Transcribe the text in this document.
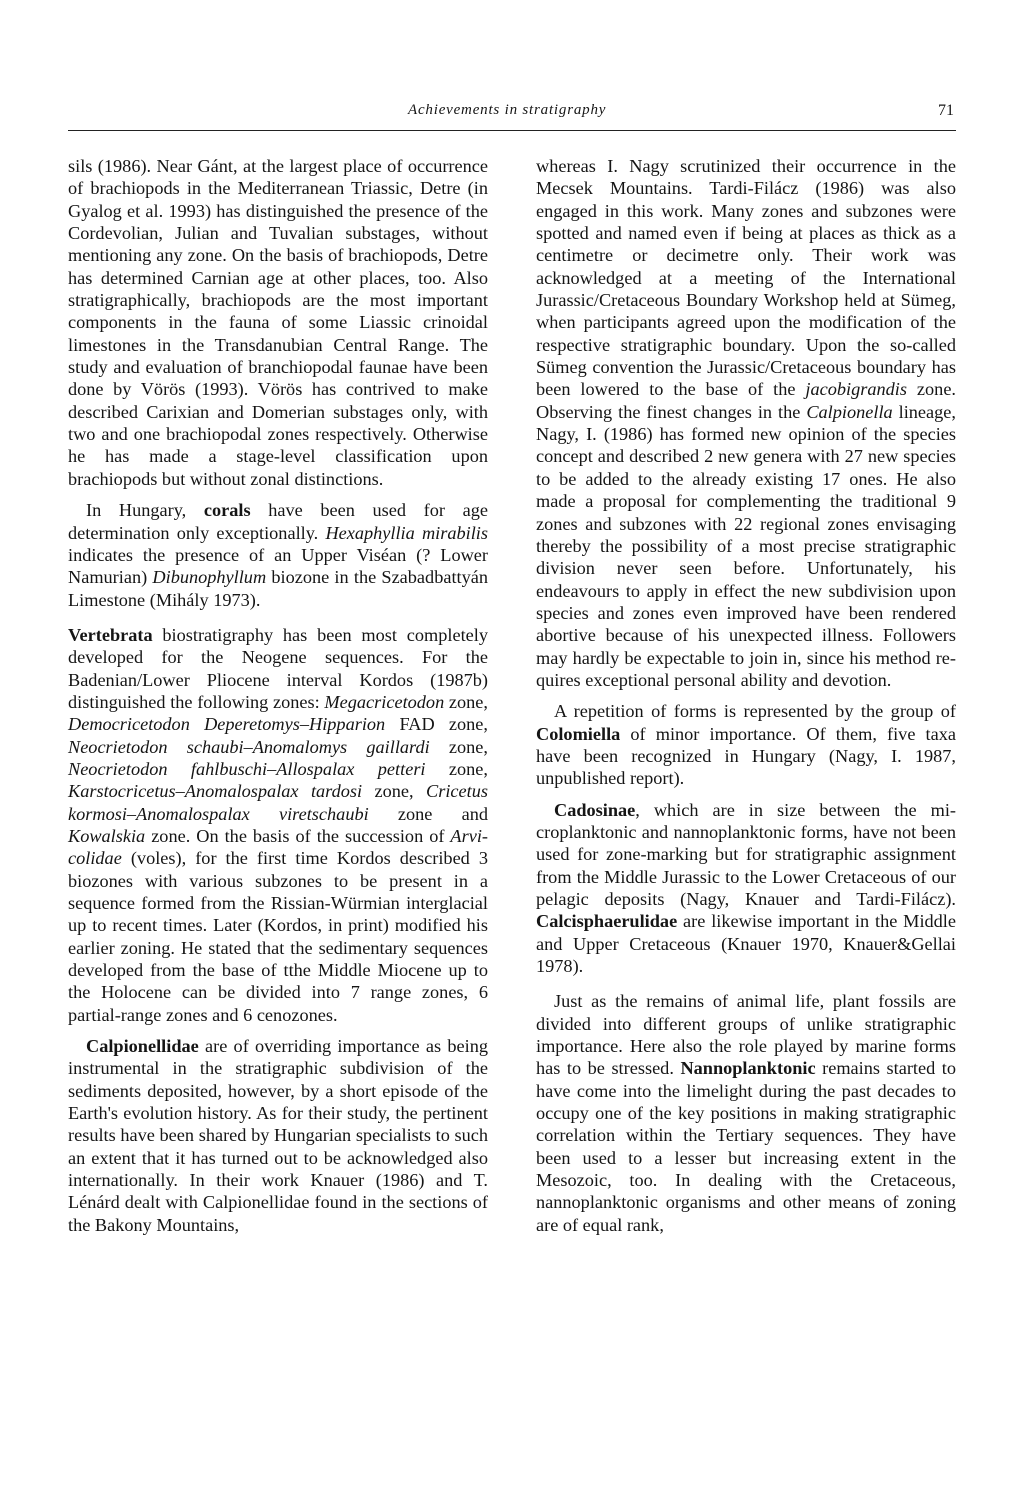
Achievements in stratigraphy	71

sils (1986). Near Gánt, at the largest place of occurrence of brachiopods in the Mediterranean Triassic, Detre (in Gyalog et al. 1993) has distinguished the presence of the Cordevolian, Julian and Tuvalian substages, without mentioning any zone. On the basis of brachiopods, Detre has determined Carnian age at other places, too. Also stratigraphically, brachiopods are the most important components in the fauna of some Liassic crinoidal limestones in the Transdanubian Central Range. The study and evaluation of branchiopodal faunae have been done by Vörös (1993). Vörös has contrived to make described Carixian and Domerian substages only, with two and one brachiopodal zones respectively. Otherwise he has made a stage-level classification upon brachiopods but without zonal distinctions.

In Hungary, corals have been used for age determination only exceptionally. Hexaphyllia mirabilis indicates the presence of an Upper Viséan (? Lower Namurian) Dibunophyllum biozone in the Szabadbattyán Limestone (Mihály 1973).

Vertebrata biostratigraphy has been most completely developed for the Neogene sequences. For the Badenian/Lower Pliocene interval Kordos (1987b) distinguished the following zones: Megacricetodon zone, Democricetodon Deperetomys–Hipparion FAD zone, Neocrietodon schaubi–Anomalomys gaillardi zone, Neocrietodon fahlbuschi–Allospalax petteri zone, Karstocricetus–Anomalospalax tardosi zone, Cricetus kormosi–Anomalospalax viretschaubi zone and Kowalskia zone. On the basis of the succession of Arvicolidae (voles), for the first time Kordos described 3 biozones with various subzones to be present in a sequence formed from the Rissian-Würmian interglacial up to recent times. Later (Kordos, in print) modified his earlier zoning. He stated that the sedimentary sequences developed from the base of tthe Middle Miocene up to the Holocene can be divided into 7 range zones, 6 partial-range zones and 6 cenozones.

Calpionellidae are of overriding importance as being instrumental in the stratigraphic subdivision of the sediments deposited, however, by a short episode of the Earth's evolution history. As for their study, the pertinent results have been shared by Hungarian specialists to such an extent that it has turned out to be acknowledged also internationally. In their work Knauer (1986) and T. Lénárd dealt with Calpionellidae found in the sections of the Bakony Mountains,

whereas I. Nagy scrutinized their occurrence in the Mecsek Mountains. Tardi-Filácz (1986) was also engaged in this work. Many zones and subzones were spotted and named even if being at places as thick as a centimetre or decimetre only. Their work was acknowledged at a meeting of the International Jurassic/Cretaceous Boundary Workshop held at Sümeg, when participants agreed upon the modification of the respective stratigraphic boundary. Upon the so-called Sümeg convention the Jurassic/Cretaceous boundary has been lowered to the base of the jacobigrandis zone. Observing the finest changes in the Calpionella lineage, Nagy, I. (1986) has formed new opinion of the species concept and described 2 new genera with 27 new species to be added to the already existing 17 ones. He also made a proposal for complementing the traditional 9 zones and subzones with 22 regional zones envisaging thereby the possibility of a most precise stratigraphic division never seen before. Unfortunately, his endeavours to apply in effect the new subdivision upon species and zones even improved have been rendered abortive because of his unexpected illness. Followers may hardly be expectable to join in, since his method requires exceptional personal ability and devotion.

A repetition of forms is represented by the group of Colomiella of minor importance. Of them, five taxa have been recognized in Hungary (Nagy, I. 1987, unpublished report).

Cadosinae, which are in size between the microplanktonic and nannoplanktonic forms, have not been used for zone-marking but for stratigraphic assignment from the Middle Jurassic to the Lower Cretaceous of our pelagic deposits (Nagy, Knauer and Tardi-Filácz). Calcisphaerulidae are likewise important in the Middle and Upper Cretaceous (Knauer 1970, Knauer&Gellai 1978).

Just as the remains of animal life, plant fossils are divided into different groups of unlike stratigraphic importance. Here also the role played by marine forms has to be stressed. Nannoplanktonic remains started to have come into the limelight during the past decades to occupy one of the key positions in making stratigraphic correlation within the Tertiary sequences. They have been used to a lesser but increasing extent in the Mesozoic, too. In dealing with the Cretaceous, nannoplanktonic organisms and other means of zoning are of equal rank,
